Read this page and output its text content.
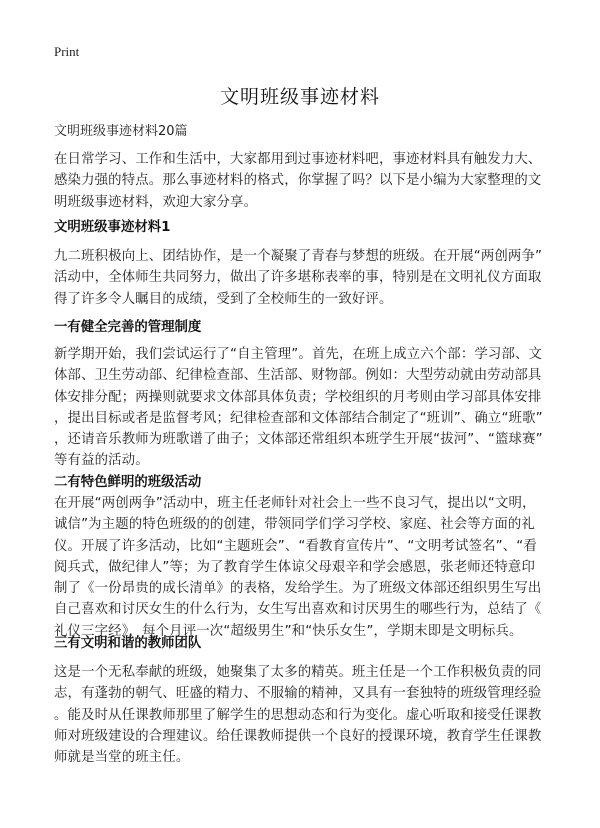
Print
文明班级事迹材料
文明班级事迹材料20篇
在日常学习、工作和生活中，大家都用到过事迹材料吧，事迹材料具有触发力大、
感染力强的特点。那么事迹材料的格式，你掌握了吗？以下是小编为大家整理的文
明班级事迹材料，欢迎大家分享。
文明班级事迹材料1
九二班积极向上、团结协作，是一个凝聚了青春与梦想的班级。在开展“两创两争”
活动中，全体师生共同努力，做出了许多堪称表率的事，特别是在文明礼仪方面取
得了许多令人瞩目的成绩，受到了全校师生的一致好评。
一有健全完善的管理制度
新学期开始，我们尝试运行了“自主管理”。首先，在班上成立六个部：学习部、文
体部、卫生劳动部、纪律检查部、生活部、财物部。例如：大型劳动就由劳动部具
体安排分配；两操则就要求文体部具体负责；学校组织的月考则由学习部具体安排
，提出目标或者是监督考风；纪律检查部和文体部结合制定了“班训”、确立“班歌”
，还请音乐教师为班歌谱了曲子；文体部还常组织本班学生开展“拔河”、“篮球赛”
等有益的活动。
二有特色鲜明的班级活动
在开展“两创两争”活动中，班主任老师针对社会上一些不良习气，提出以“文明，
诚信”为主题的特色班级的的创建，带领同学们学习学校、家庭、社会等方面的礼
仪。开展了许多活动，比如“主题班会”、“看教育宣传片”、“文明考试签名”、“看
阅兵式，做纪律人”等；为了教育学生体谅父母艰辛和学会感恩，张老师还特意印
制了《一份昂贵的成长清单》的表格，发给学生。为了班级文体部还组织男生写出
自己喜欢和讨厌女生的什么行为，女生写出喜欢和讨厌男生的哪些行为，总结了《
礼仪三字经》，每个月评一次“超级男生”和“快乐女生”，学期末即是文明标兵。
三有文明和谐的教师团队
这是一个无私奉献的班级，她聚集了太多的精英。班主任是一个工作积极负责的同
志，有蓬勃的朝气、旺盛的精力、不服输的精神，又具有一套独特的班级管理经验
。能及时从任课教师那里了解学生的思想动态和行为变化。虚心听取和接受任课教
师对班级建设的合理建议。给任课教师提供一个良好的授课环境，教育学生任课教
师就是当堂的班主任。
